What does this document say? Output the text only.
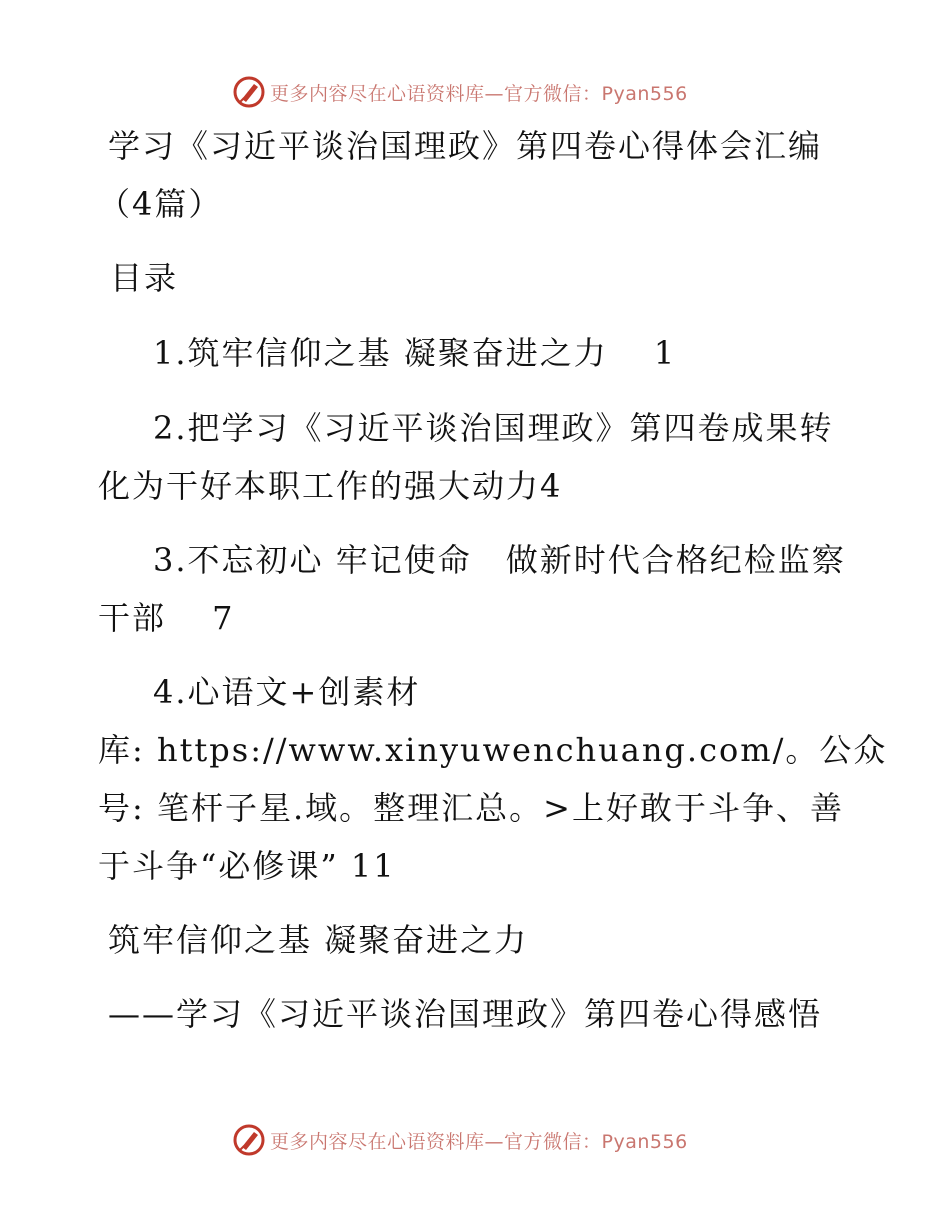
更多内容尽在心语资料库—官方微信：Pyan556
学习《习近平谈治国理政》第四卷心得体会汇编
（4篇）
目录
1.筑牢信仰之基 凝聚奋进之力　 1
2.把学习《习近平谈治国理政》第四卷成果转
化为干好本职工作的强大动力4
3.不忘初心 牢记使命　做新时代合格纪检监察
干部　 7
4.心语文+创素材
库: https://www.xinyuwenchuang.com/。公众
号: 笔杆子星.域。整理汇总。>上好敢于斗争、善
于斗争“必修课” 11
筑牢信仰之基 凝聚奋进之力
——学习《习近平谈治国理政》第四卷心得感悟
更多内容尽在心语资料库—官方微信：Pyan556
